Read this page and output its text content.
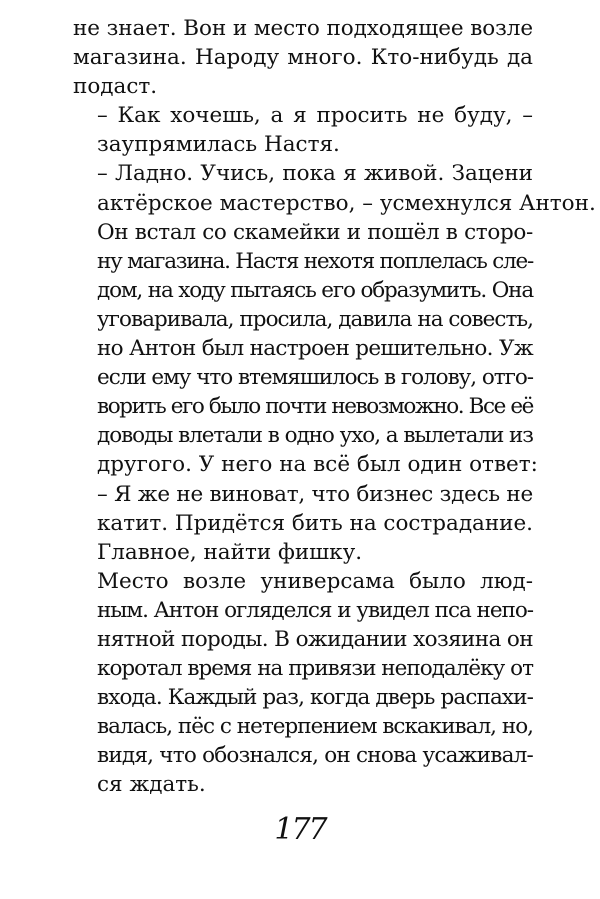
не знает. Вон и место подходящее возле
магазина. Народу много. Кто-нибудь да
подаст.
– Как хочешь, а я просить не буду, –
заупрямилась Настя.
– Ладно. Учись, пока я живой. Зацени
актёрское мастерство, – усмехнулся Антон.
Он встал со скамейки и пошёл в сторо-
ну магазина. Настя нехотя поплелась сле-
дом, на ходу пытаясь его образумить. Она
уговаривала, просила, давила на совесть,
но Антон был настроен решительно. Уж
если ему что втемяшилось в голову, отго-
ворить его было почти невозможно. Все её
доводы влетали в одно ухо, а вылетали из
другого. У него на всё был один ответ:
– Я же не виноват, что бизнес здесь не
катит. Придётся бить на сострадание.
Главное, найти фишку.
Место возле универсама было люд-
ным. Антон огляделся и увидел пса непо-
нятной породы. В ожидании хозяина он
коротал время на привязи неподалёку от
входа. Каждый раз, когда дверь распахи-
валась, пёс с нетерпением вскакивал, но,
видя, что обознался, он снова усаживал-
ся ждать.
177
